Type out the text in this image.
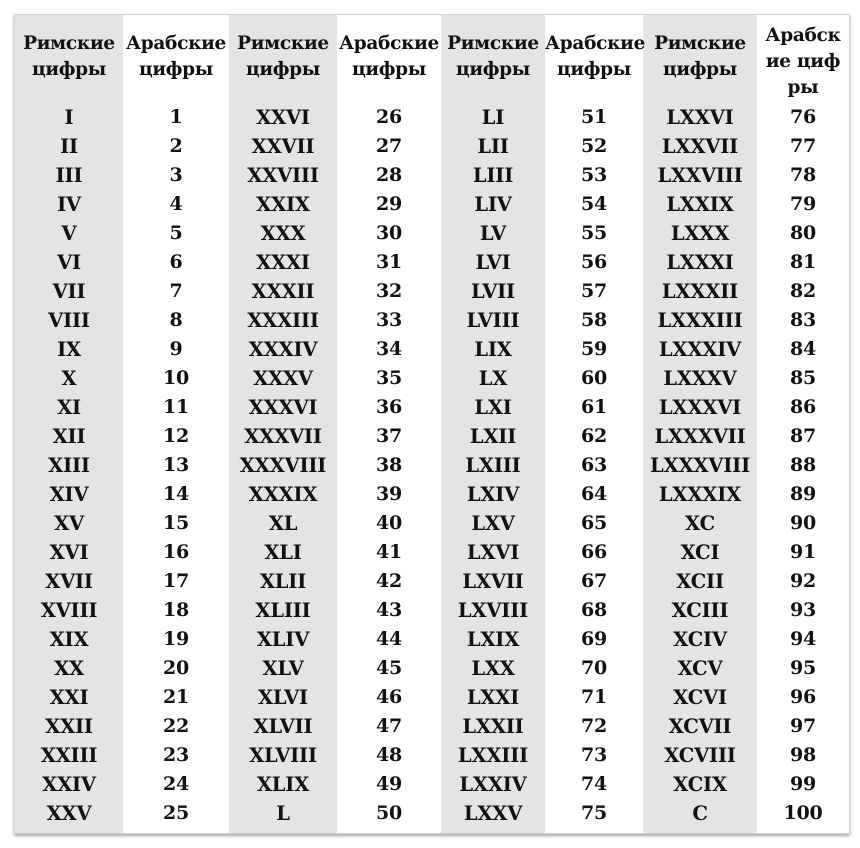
Римские цифры
I
II
III
IV
V
VI
VII
VIII
IX
X
XI
XII
XIII
XIV
XV
XVI
XVII
XVIII
XIX
XX
XXI
XXII
XXIII
XXIV
XXV
Арабские цифры
1
2
3
4
5
6
7
8
9
10
11
12
13
14
15
16
17
18
19
20
21
22
23
24
25
Римские цифры
XXVI
XXVII
XXVIII
XXIX
XXX
XXXI
XXXII
XXXIII
XXXIV
XXXV
XXXVI
XXXVII
XXXVIII
XXXIX
XL
XLI
XLII
XLIII
XLIV
XLV
XLVI
XLVII
XLVIII
XLIX
L
Арабские цифры
26
27
28
29
30
31
32
33
34
35
36
37
38
39
40
41
42
43
44
45
46
47
48
49
50
Римские цифры
LI
LII
LIII
LIV
LV
LVI
LVII
LVIII
LIX
LX
LXI
LXII
LXIII
LXIV
LXV
LXVI
LXVII
LXVIII
LXIX
LXX
LXXI
LXXII
LXXIII
LXXIV
LXXV
Арабские цифры
51
52
53
54
55
56
57
58
59
60
61
62
63
64
65
66
67
68
69
70
71
72
73
74
75
Римские цифры
LXXVI
LXXVII
LXXVIII
LXXIX
LXXX
LXXXI
LXXXII
LXXXIII
LXXXIV
LXXXV
LXXXVI
LXXXVII
LXXXVIII
LXXXIX
XC
XCI
XCII
XCIII
XCIV
XCV
XCVI
XCVII
XCVIII
XCIX
C
Арабские цифры
76
77
78
79
80
81
82
83
84
85
86
87
88
89
90
91
92
93
94
95
96
97
98
99
100
